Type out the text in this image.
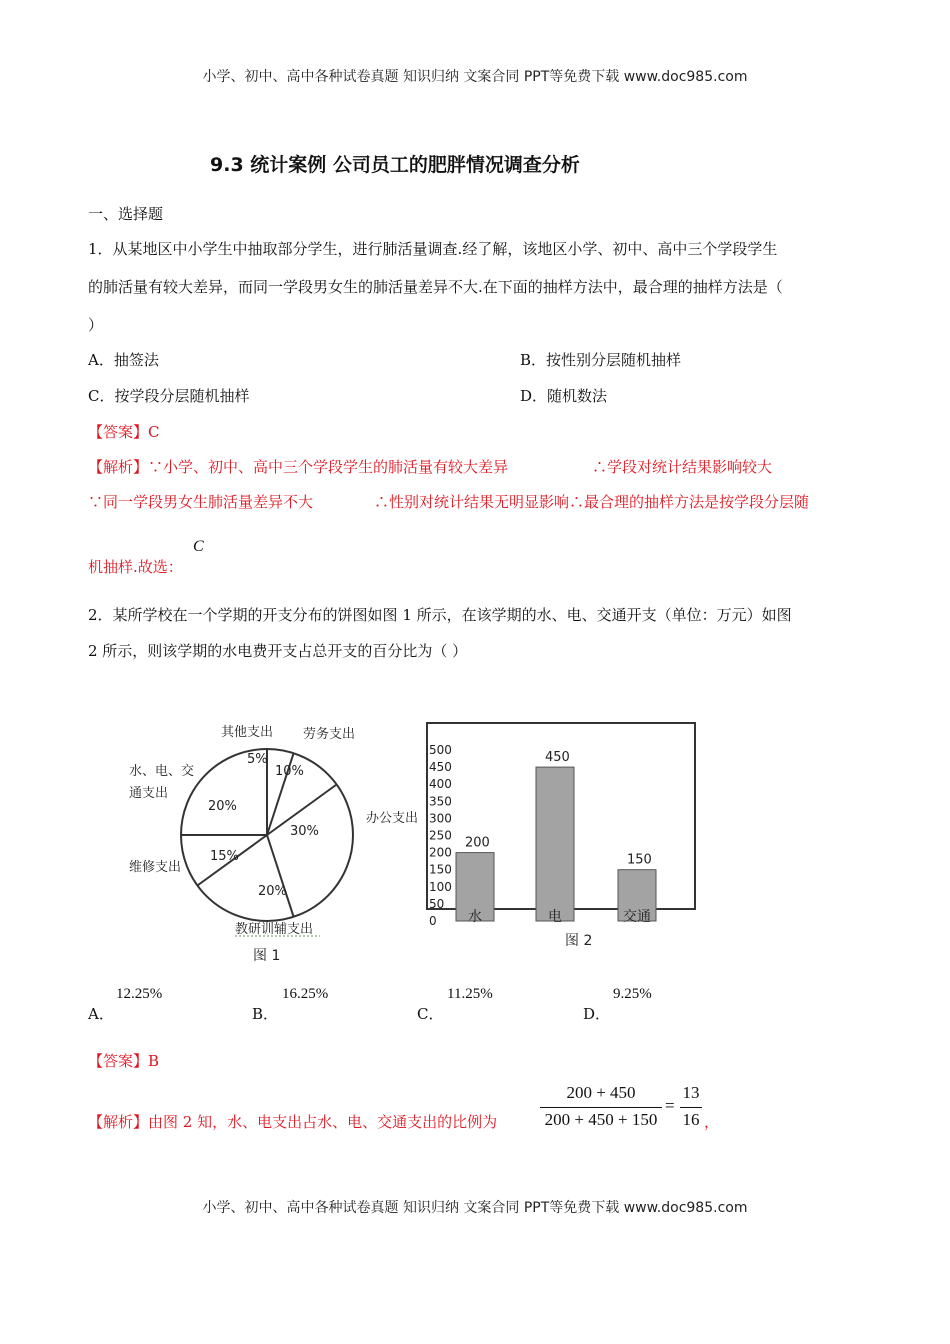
小学、初中、高中各种试卷真题 知识归纳 文案合同 PPT等免费下载 www.doc985.com
9.3 统计案例 公司员工的肥胖情况调查分析
一、选择题
1．从某地区中小学生中抽取部分学生，进行肺活量调查.经了解，该地区小学、初中、高中三个学段学生
的肺活量有较大差异，而同一学段男女生的肺活量差异不大.在下面的抽样方法中，最合理的抽样方法是（
）
A．抽签法	B．按性别分层随机抽样
C．按学段分层随机抽样	D．随机数法
【答案】C
【解析】∵小学、初中、高中三个学段学生的肺活量有较大差异	∴学段对统计结果影响较大
∵同一学段男女生肺活量差异不大	∴性别对统计结果无明显影响∴最合理的抽样方法是按学段分层随
机抽样.故选：
C
2．某所学校在一个学期的开支分布的饼图如图 1 所示，在该学期的水、电、交通开支（单位：万元）如图
2 所示，则该学期的水电费开支占总开支的百分比为（ ）
其他支出 劳务支出
水、电、交
通支出
维修支出
教研训辅支出
5%
10%
20%
30%
15%
20%
图 1
办公支出
500
450
400
350
300
250
200
150
100
50
0
200
水
450
电
150
交通
图 2
A．
12.25%
B．
16.25%
C．
11.25%
D．
9.25%
【答案】B
【解析】由图 2 知，水、电支出占水、电、交通支出的比例为
200 + 450
200 + 450 + 150
=
13
16 ，
小学、初中、高中各种试卷真题 知识归纳 文案合同 PPT等免费下载 www.doc985.com
